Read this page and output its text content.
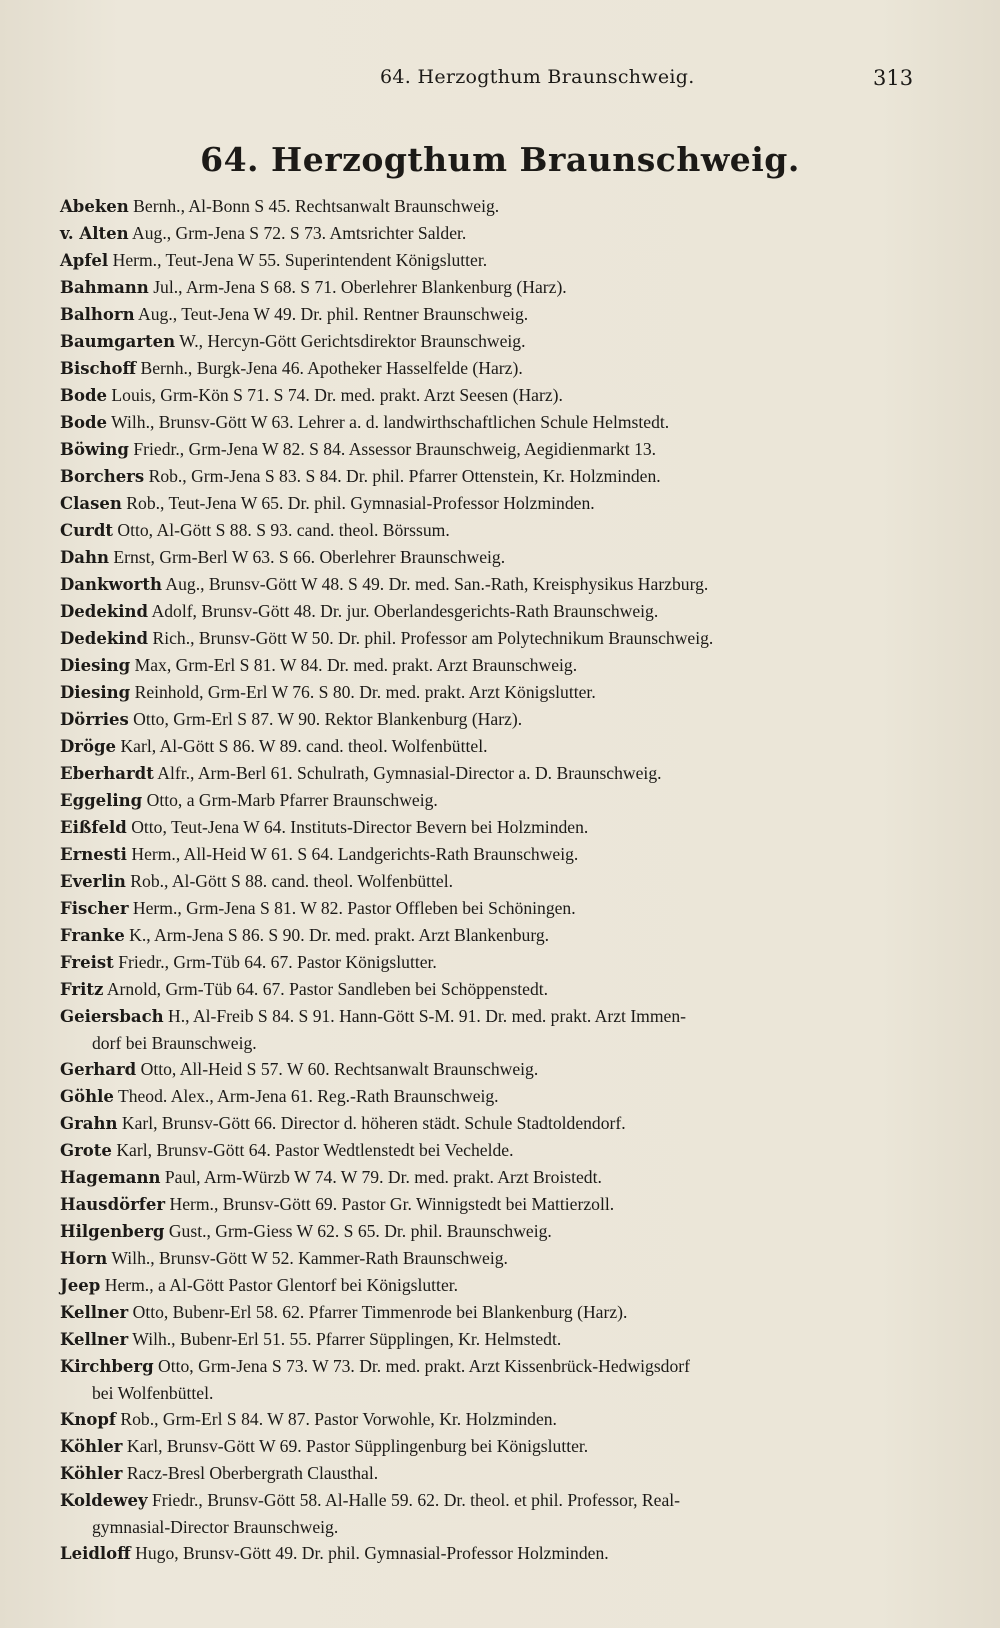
64. Herzogthum Braunschweig.	313
64. Herzogthum Braunschweig.

Abeken Bernh., Al-Bonn S 45. Rechtsanwalt Braunschweig.

v. Alten Aug., Grm-Jena S 72. S 73. Amtsrichter Salder.

Apfel Herm., Teut-Jena W 55. Superintendent Königslutter.

Bahmann Jul., Arm-Jena S 68. S 71. Oberlehrer Blankenburg (Harz).

Balhorn Aug., Teut-Jena W 49. Dr. phil. Rentner Braunschweig.

Baumgarten W., Hercyn-Gött Gerichtsdirektor Braunschweig.

Bischoff Bernh., Burgk-Jena 46. Apotheker Hasselfelde (Harz).

Bode Louis, Grm-Kön S 71. S 74. Dr. med. prakt. Arzt Seesen (Harz).

Bode Wilh., Brunsv-Gött W 63. Lehrer a. d. landwirthschaftlichen Schule Helmstedt.

Böwing Friedr., Grm-Jena W 82. S 84. Assessor Braunschweig, Aegidienmarkt 13.

Borchers Rob., Grm-Jena S 83. S 84. Dr. phil. Pfarrer Ottenstein, Kr. Holzminden.

Clasen Rob., Teut-Jena W 65. Dr. phil. Gymnasial-Professor Holzminden.

Curdt Otto, Al-Gött S 88. S 93. cand. theol. Börssum.

Dahn Ernst, Grm-Berl W 63. S 66. Oberlehrer Braunschweig.

Dankworth Aug., Brunsv-Gött W 48. S 49. Dr. med. San.-Rath, Kreisphysikus Harzburg.

Dedekind Adolf, Brunsv-Gött 48. Dr. jur. Oberlandesgerichts-Rath Braunschweig.

Dedekind Rich., Brunsv-Gött W 50. Dr. phil. Professor am Polytechnikum Braunschweig.

Diesing Max, Grm-Erl S 81. W 84. Dr. med. prakt. Arzt Braunschweig.

Diesing Reinhold, Grm-Erl W 76. S 80. Dr. med. prakt. Arzt Königslutter.

Dörries Otto, Grm-Erl S 87. W 90. Rektor Blankenburg (Harz).

Dröge Karl, Al-Gött S 86. W 89. cand. theol. Wolfenbüttel.

Eberhardt Alfr., Arm-Berl 61. Schulrath, Gymnasial-Director a. D. Braunschweig.

Eggeling Otto, a Grm-Marb Pfarrer Braunschweig.

Eißfeld Otto, Teut-Jena W 64. Instituts-Director Bevern bei Holzminden.

Ernesti Herm., All-Heid W 61. S 64. Landgerichts-Rath Braunschweig.

Everlin Rob., Al-Gött S 88. cand. theol. Wolfenbüttel.

Fischer Herm., Grm-Jena S 81. W 82. Pastor Offleben bei Schöningen.

Franke K., Arm-Jena S 86. S 90. Dr. med. prakt. Arzt Blankenburg.

Freist Friedr., Grm-Tüb 64. 67. Pastor Königslutter.

Fritz Arnold, Grm-Tüb 64. 67. Pastor Sandleben bei Schöppenstedt.

Geiersbach H., Al-Freib S 84. S 91. Hann-Gött S-M. 91. Dr. med. prakt. Arzt Immen-
dorf bei Braunschweig.

Gerhard Otto, All-Heid S 57. W 60. Rechtsanwalt Braunschweig.

Göhle Theod. Alex., Arm-Jena 61. Reg.-Rath Braunschweig.

Grahn Karl, Brunsv-Gött 66. Director d. höheren städt. Schule Stadtoldendorf.

Grote Karl, Brunsv-Gött 64. Pastor Wedtlenstedt bei Vechelde.

Hagemann Paul, Arm-Würzb W 74. W 79. Dr. med. prakt. Arzt Broistedt.

Hausdörfer Herm., Brunsv-Gött 69. Pastor Gr. Winnigstedt bei Mattierzoll.

Hilgenberg Gust., Grm-Giess W 62. S 65. Dr. phil. Braunschweig.

Horn Wilh., Brunsv-Gött W 52. Kammer-Rath Braunschweig.

Jeep Herm., a Al-Gött Pastor Glentorf bei Königslutter.

Kellner Otto, Bubenr-Erl 58. 62. Pfarrer Timmenrode bei Blankenburg (Harz).

Kellner Wilh., Bubenr-Erl 51. 55. Pfarrer Süpplingen, Kr. Helmstedt.

Kirchberg Otto, Grm-Jena S 73. W 73. Dr. med. prakt. Arzt Kissenbrück-Hedwigsdorf
bei Wolfenbüttel.

Knopf Rob., Grm-Erl S 84. W 87. Pastor Vorwohle, Kr. Holzminden.

Köhler Karl, Brunsv-Gött W 69. Pastor Süpplingenburg bei Königslutter.

Köhler Racz-Bresl Oberbergrath Clausthal.

Koldewey Friedr., Brunsv-Gött 58. Al-Halle 59. 62. Dr. theol. et phil. Professor, Real-
gymnasial-Director Braunschweig.

Leidloff Hugo, Brunsv-Gött 49. Dr. phil. Gymnasial-Professor Holzminden.
